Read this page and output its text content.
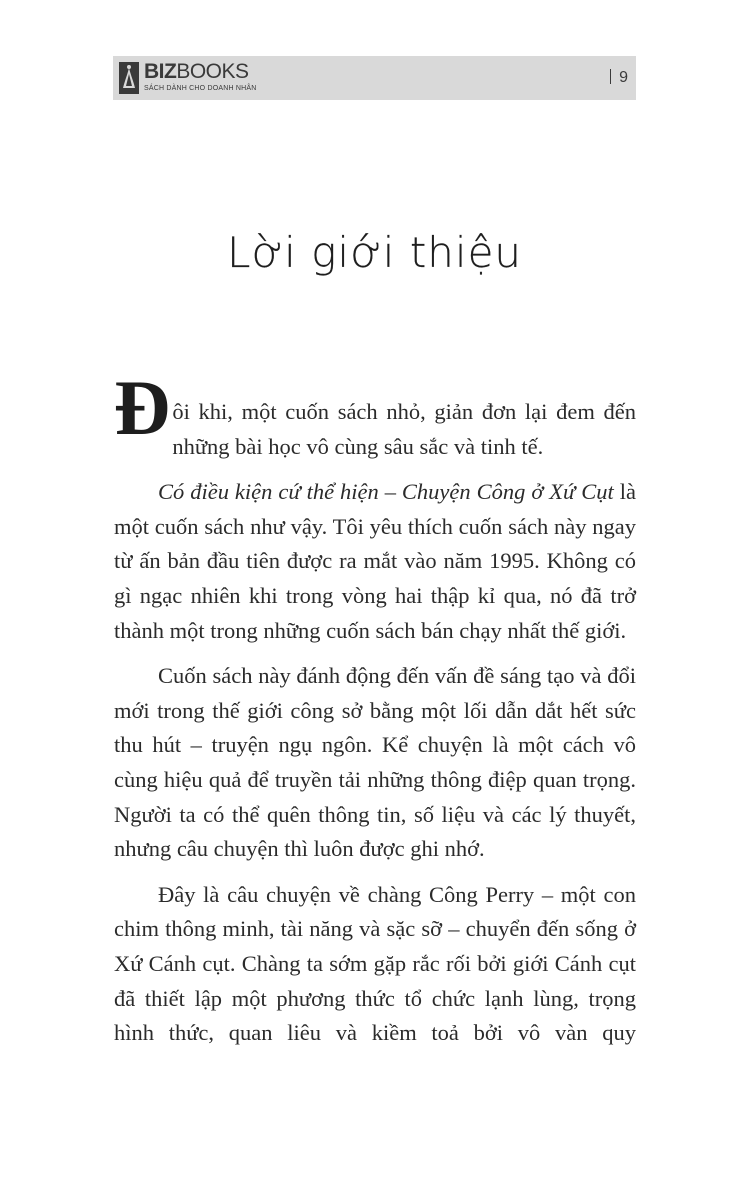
BIZBOOKS
SÁCH DÀNH CHO DOANH NHÂN
9
Lời giới thiệu

Đôi khi, một cuốn sách nhỏ, giản đơn lại đem đến những bài học vô cùng sâu sắc và tinh tế.

Có điều kiện cứ thể hiện – Chuyện Công ở Xứ Cụt là một cuốn sách như vậy. Tôi yêu thích cuốn sách này ngay từ ấn bản đầu tiên được ra mắt vào năm 1995. Không có gì ngạc nhiên khi trong vòng hai thập kỉ qua, nó đã trở thành một trong những cuốn sách bán chạy nhất thế giới.

Cuốn sách này đánh động đến vấn đề sáng tạo và đổi mới trong thế giới công sở bằng một lối dẫn dắt hết sức thu hút – truyện ngụ ngôn. Kể chuyện là một cách vô cùng hiệu quả để truyền tải những thông điệp quan trọng. Người ta có thể quên thông tin, số liệu và các lý thuyết, nhưng câu chuyện thì luôn được ghi nhớ.

Đây là câu chuyện về chàng Công Perry – một con chim thông minh, tài năng và sặc sỡ – chuyển đến sống ở Xứ Cánh cụt. Chàng ta sớm gặp rắc rối bởi giới Cánh cụt đã thiết lập một phương thức tổ chức lạnh lùng, trọng hình thức, quan liêu và kiềm toả bởi vô vàn quy
